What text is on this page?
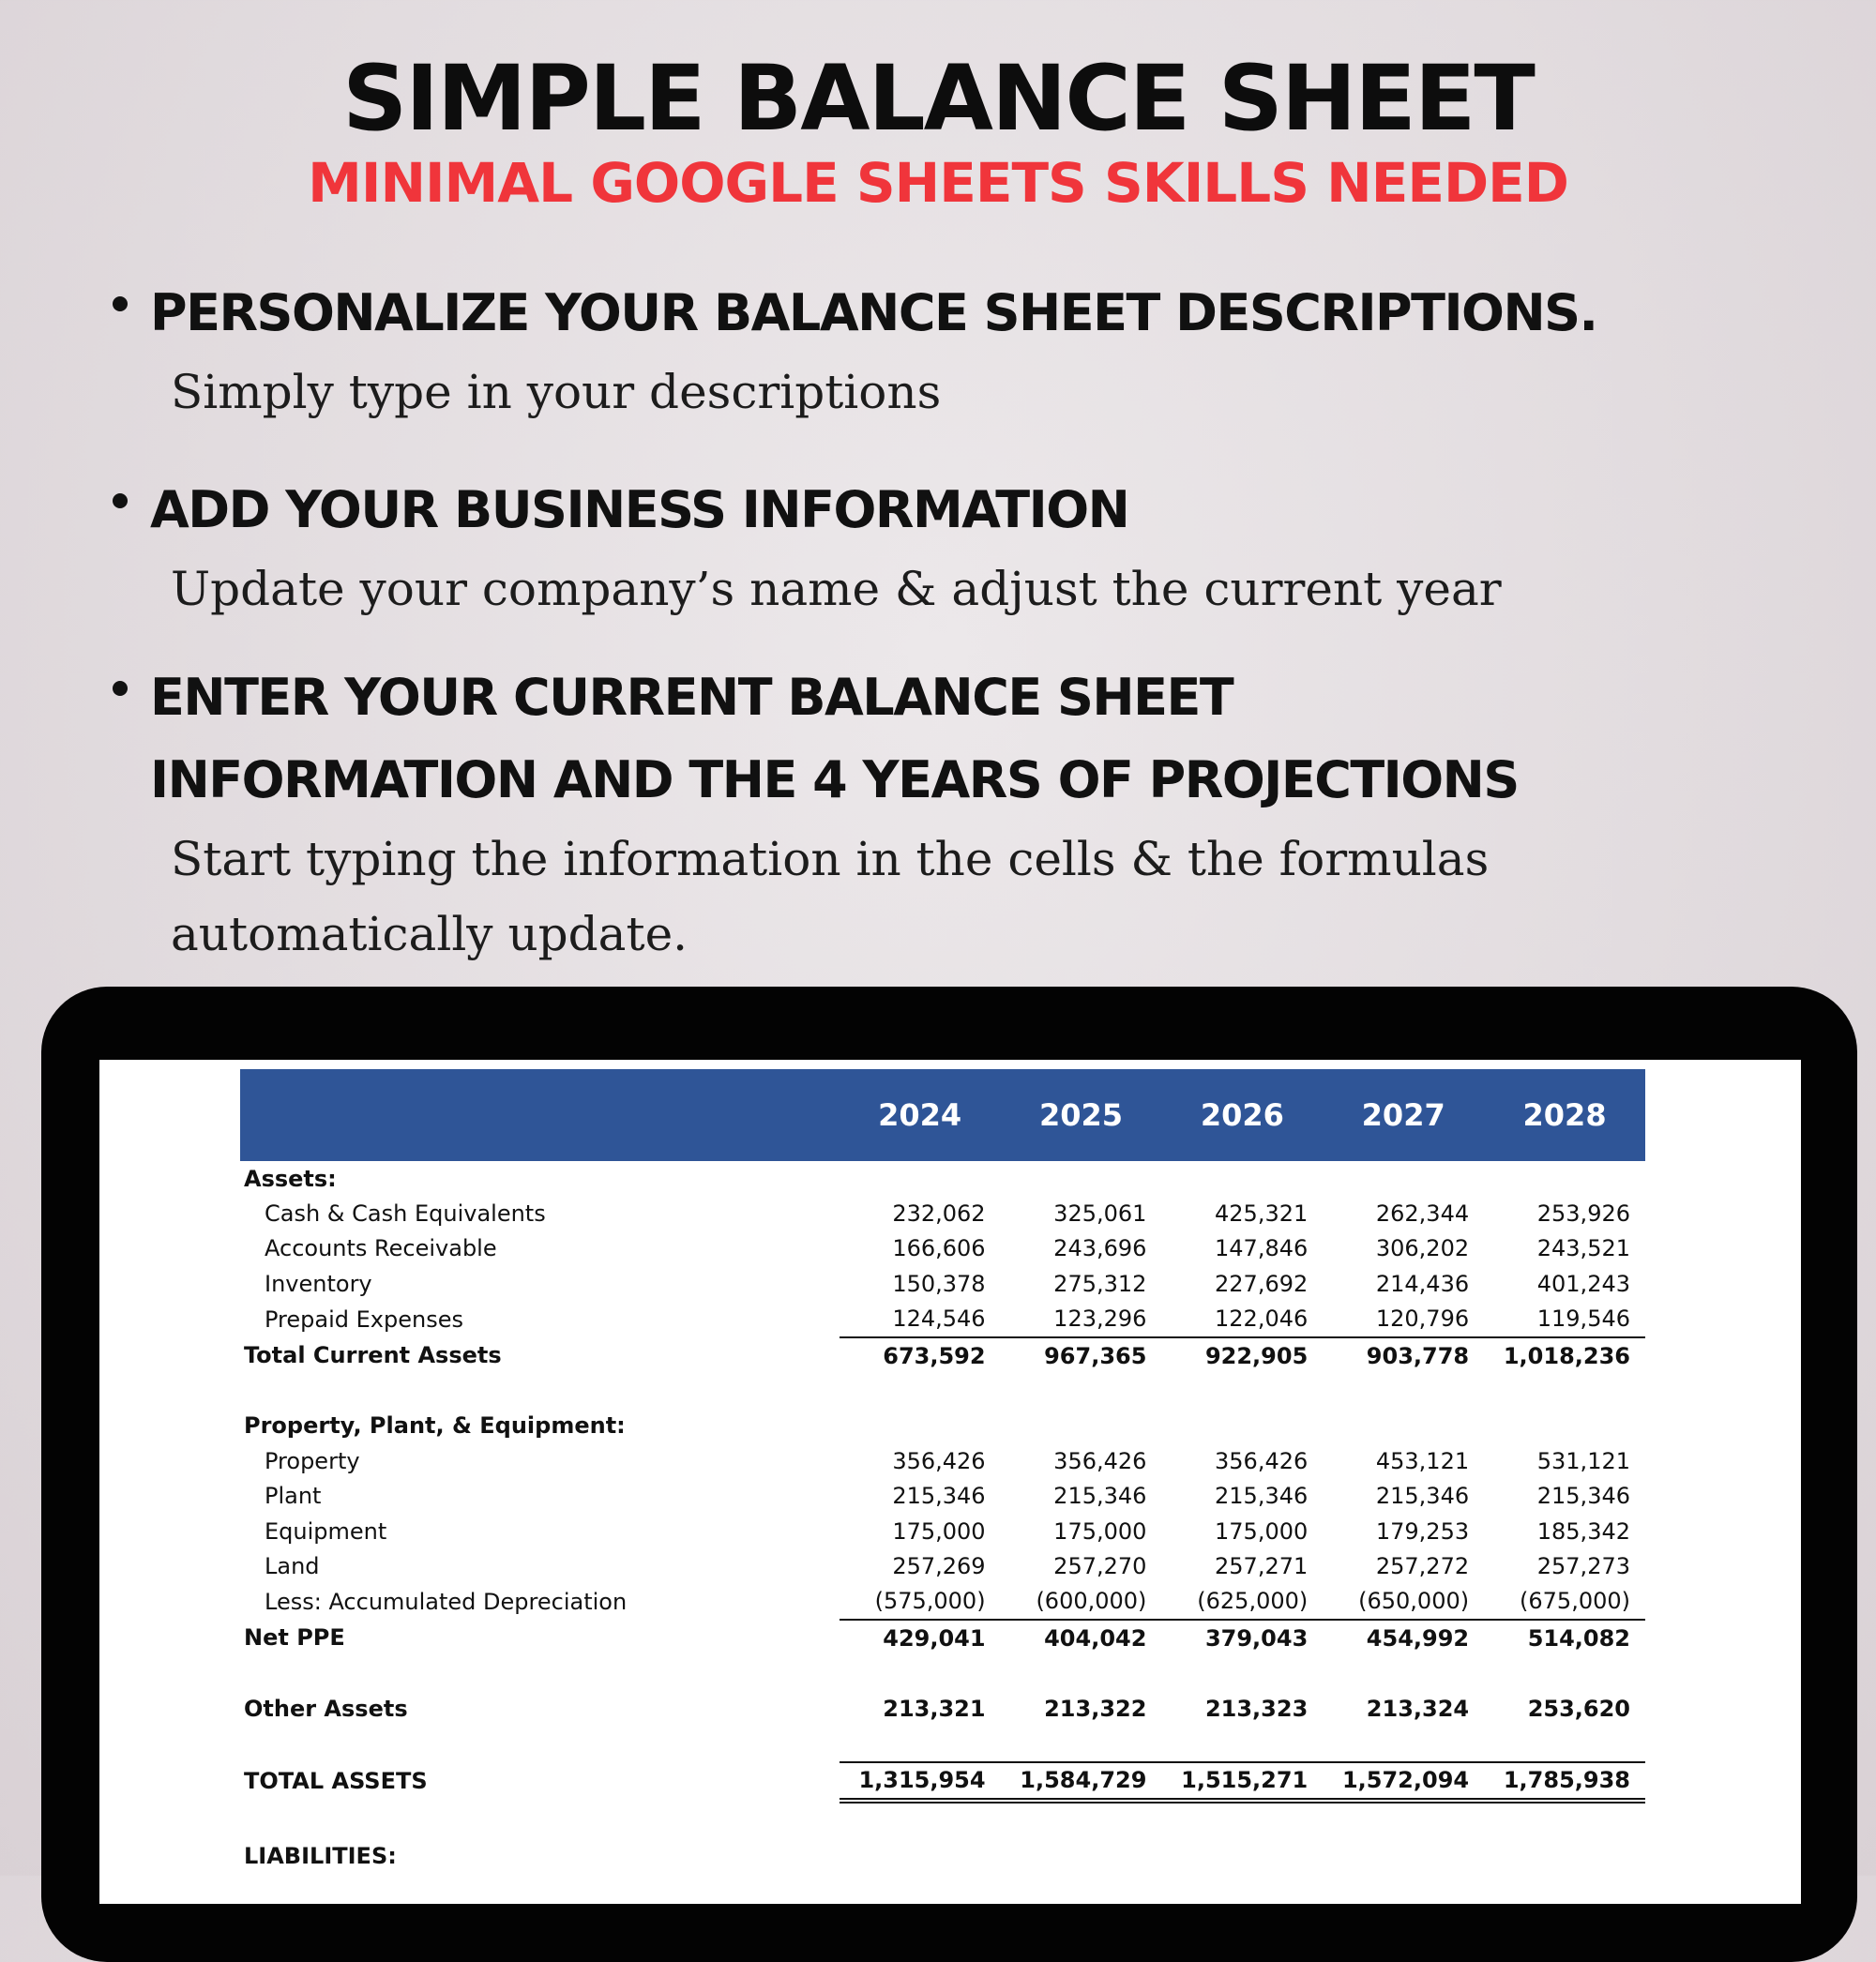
SIMPLE BALANCE SHEET
MINIMAL GOOGLE SHEETS SKILLS NEEDED
PERSONALIZE YOUR BALANCE SHEET DESCRIPTIONS.
Simply type in your descriptions
ADD YOUR BUSINESS INFORMATION
Update your company’s name & adjust the current year
ENTER YOUR CURRENT BALANCE SHEET
INFORMATION AND THE 4 YEARS OF PROJECTIONS
Start typing the information in the cells & the formulas
automatically update.
	2024	2025	2026	2027	2028
Assets:					
Cash & Cash Equivalents	232,062	325,061	425,321	262,344	253,926
Accounts Receivable	166,606	243,696	147,846	306,202	243,521
Inventory	150,378	275,312	227,692	214,436	401,243
Prepaid Expenses	124,546	123,296	122,046	120,796	119,546
Total Current Assets	673,592	967,365	922,905	903,778	1,018,236

Property, Plant, & Equipment:					
Property	356,426	356,426	356,426	453,121	531,121
Plant	215,346	215,346	215,346	215,346	215,346
Equipment	175,000	175,000	175,000	179,253	185,342
Land	257,269	257,270	257,271	257,272	257,273
Less: Accumulated Depreciation	(575,000)	(600,000)	(625,000)	(650,000)	(675,000)
Net PPE	429,041	404,042	379,043	454,992	514,082

Other Assets	213,321	213,322	213,323	213,324	253,620

TOTAL ASSETS	1,315,954	1,584,729	1,515,271	1,572,094	1,785,938

LIABILITIES:					
